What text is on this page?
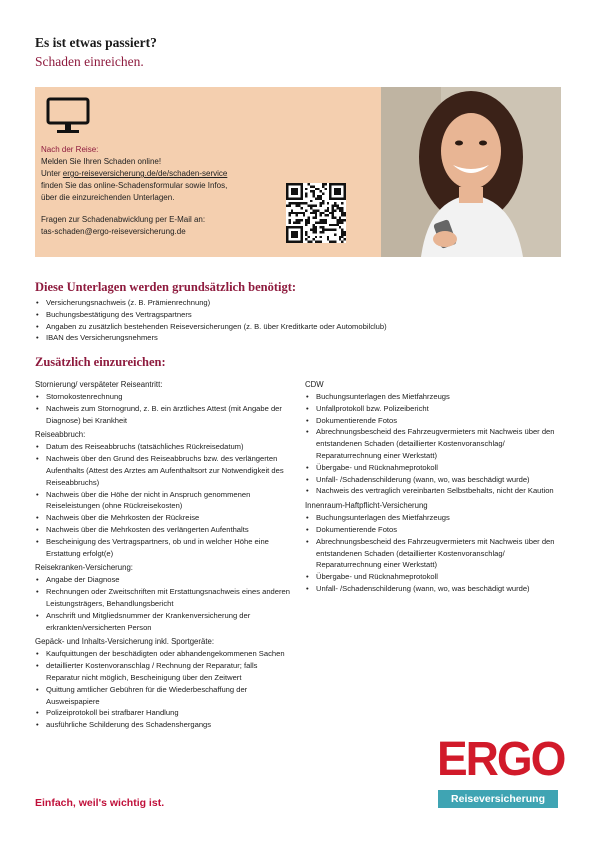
Es ist etwas passiert?
Schaden einreichen.
Nach der Reise:
Melden Sie Ihren Schaden online!
Unter ergo-reiseversicherung.de/de/schaden-service
finden Sie das online-Schadensformular sowie Infos,
über die einzureichenden Unterlagen.
Fragen zur Schadenabwicklung per E-Mail an:
tas-schaden@ergo-reiseversicherung.de
Diese Unterlagen werden grundsätzlich benötigt:
• Versicherungsnachweis (z. B. Prämienrechnung)
• Buchungsbestätigung des Vertragspartners
• Angaben zu zusätzlich bestehenden Reiseversicherungen (z. B. über Kreditkarte oder Automobilclub)
• IBAN des Versicherungsnehmers
Zusätzlich einzureichen:
Stornierung/ verspäteter Reiseantritt:
• Stornokostenrechnung
• Nachweis zum Stornogrund, z. B. ein ärztliches Attest (mit Angabe der Diagnose) bei Krankheit
Reiseabbruch:
• Datum des Reiseabbruchs (tatsächliches Rückreisedatum)
• Nachweis über den Grund des Reiseabbruchs bzw. des verlängerten Aufenthalts (Attest des Arztes am Aufenthaltsort zur Notwendigkeit des Reiseabbruchs)
• Nachweis über die Höhe der nicht in Anspruch genommenen Reiseleistungen (ohne Rückreisekosten)
• Nachweis über die Mehrkosten der Rückreise
• Nachweis über die Mehrkosten des verlängerten Aufenthalts
• Bescheinigung des Vertragspartners, ob und in welcher Höhe eine Erstattung erfolgt(e)
Reisekranken-Versicherung:
• Angabe der Diagnose
• Rechnungen oder Zweitschriften mit Erstattungsnachweis eines anderen Leistungsträgers, Behandlungsbericht
• Anschrift und Mitgliedsnummer der Krankenversicherung der erkrankten/versicherten Person
Gepäck- und Inhalts-Versicherung inkl. Sportgeräte:
• Kaufquittungen der beschädigten oder abhandengekommenen Sachen
• detaillierter Kostenvoranschlag / Rechnung der Reparatur; falls Reparatur nicht möglich, Bescheinigung über den Zeitwert
• Quittung amtlicher Gebühren für die Wiederbeschaffung der Ausweispapiere
• Polizeiprotokoll bei strafbarer Handlung
• ausführliche Schilderung des Schadenshergangs
CDW
• Buchungsunterlagen des Mietfahrzeugs
• Unfallprotokoll bzw. Polizeibericht
• Dokumentierende Fotos
• Abrechnungsbescheid des Fahrzeugvermieters mit Nachweis über den entstandenen Schaden (detaillierter Kostenvoranschlag/ Reparaturrechnung einer Werkstatt)
• Übergabe- und Rücknahmeprotokoll
• Unfall- /Schadenschilderung (wann, wo, was beschädigt wurde)
• Nachweis des vertraglich vereinbarten Selbstbehalts, nicht der Kaution
Innenraum-Haftpflicht-Versicherung
• Buchungsunterlagen des Mietfahrzeugs
• Dokumentierende Fotos
• Abrechnungsbescheid des Fahrzeugvermieters mit Nachweis über den entstandenen Schaden (detaillierter Kostenvoranschlag/ Reparaturrechnung einer Werkstatt)
• Übergabe- und Rücknahmeprotokoll
• Unfall- /Schadenschilderung (wann, wo, was beschädigt wurde)
Einfach, weil's wichtig ist.
ERGO
Reiseversicherung
